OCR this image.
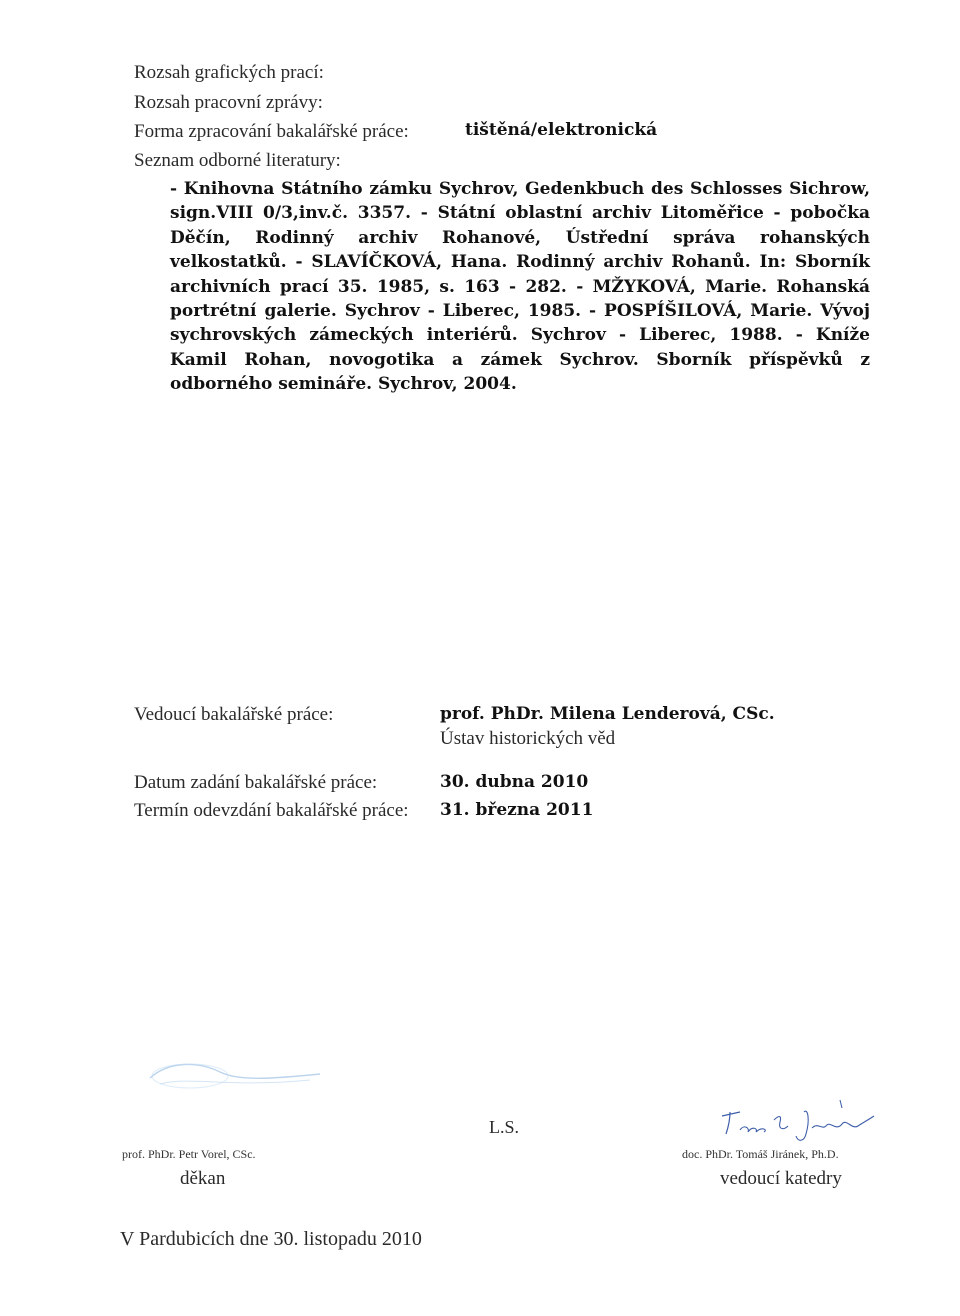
Rozsah grafických prací:
Rozsah pracovní zprávy:
Forma zpracování bakalářské práce:	tištěná/elektronická
Seznam odborné literatury:
- Knihovna Státního zámku Sychrov, Gedenkbuch des Schlosses Sichrow, sign.VIII 0/3,inv.č. 3357. - Státní oblastní archiv Litoměřice - pobočka Děčín, Rodinný archiv Rohanové, Ústřední správa rohanských velkostatků. - SLAVÍČKOVÁ, Hana. Rodinný archiv Rohanů. In: Sborník archivních prací 35. 1985, s. 163 - 282. - MŽYKOVÁ, Marie. Rohanská portrétní galerie. Sychrov - Liberec, 1985. - POSPÍŠILOVÁ, Marie. Vývoj sychrovských zámeckých interiérů. Sychrov - Liberec, 1988. - Kníže Kamil Rohan, novogotika a zámek Sychrov. Sborník příspěvků z odborného semináře. Sychrov, 2004.
Vedoucí bakalářské práce:	prof. PhDr. Milena Lenderová, CSc.
Ústav historických věd
Datum zadání bakalářské práce:	30. dubna 2010
Termín odevzdání bakalářské práce: 31. března 2011
L.S.
prof. PhDr. Petr Vorel, CSc.
děkan
doc. PhDr. Tomáš Jiránek, Ph.D.
vedoucí katedry
V Pardubicích dne 30. listopadu 2010
